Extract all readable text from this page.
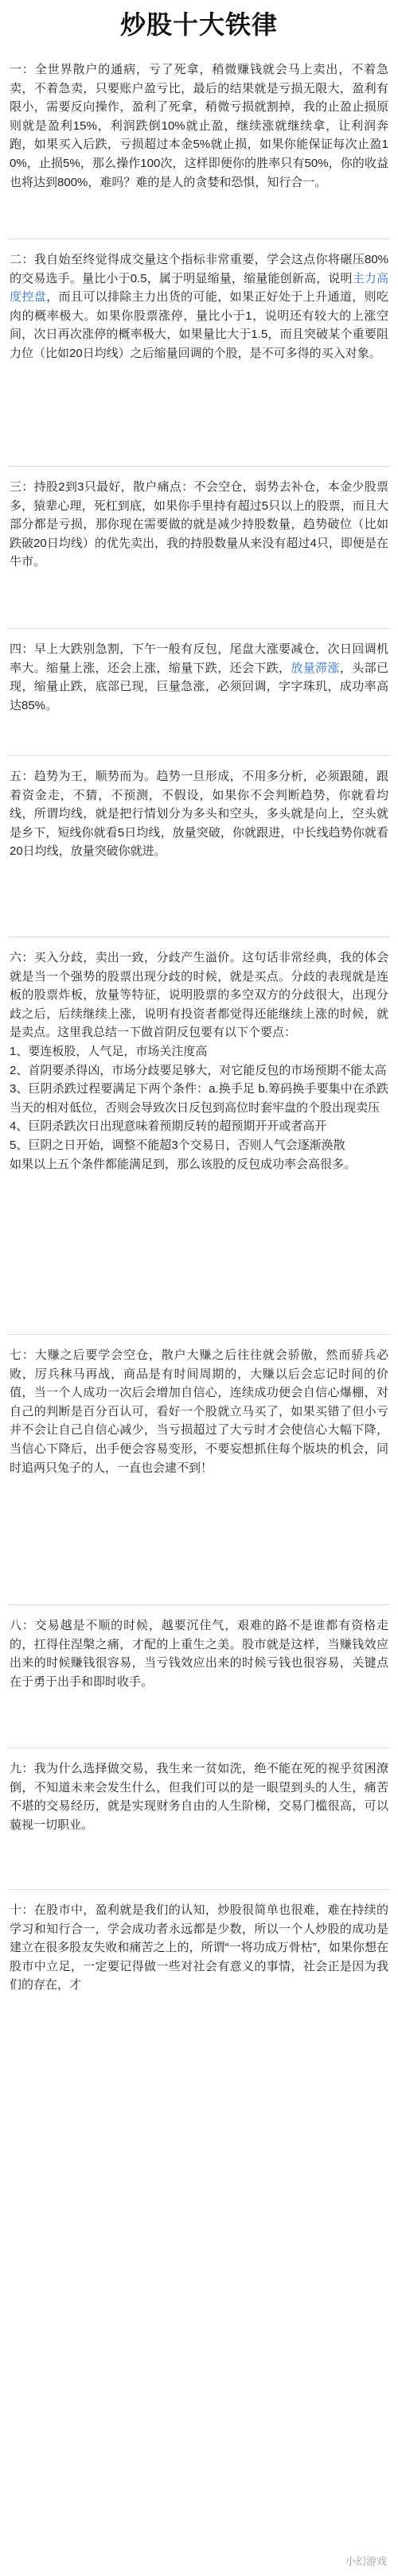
炒股十大铁律

一：全世界散户的通病，亏了死拿，稍微赚钱就会马上卖出，不着急卖，不着急卖，只要账户盈亏比，最后的结果就是亏损无限大，盈利有限小，需要反向操作，盈利了死拿，稍微亏损就割掉，我的止盈止损原则就是盈利15%，利润跌倒10%就止盈，继续涨就继续拿，让利润奔跑，如果买入后跌，亏损超过本金5%就止损，如果你能保证每次止盈10%，止损5%，那么操作100次，这样即便你的胜率只有50%，你的收益也将达到800%，难吗？难的是人的贪婪和恐惧，知行合一。

二：我自始至终觉得成交量这个指标非常重要，学会这点你将碾压80%的交易选手。量比小于0.5，属于明显缩量，缩量能创新高，说明主力高度控盘，而且可以排除主力出货的可能，如果正好处于上升通道，则吃肉的概率极大。如果你股票涨停，量比小于1，说明还有较大的上涨空间，次日再次涨停的概率极大，如果量比大于1.5，而且突破某个重要阻力位（比如20日均线）之后缩量回调的个股，是不可多得的买入对象。

三：持股2到3只最好，散户痛点：不会空仓，弱势去补仓，本金少股票多，猿辈心理，死杠到底，如果你手里持有超过5只以上的股票，而且大部分都是亏损，那你现在需要做的就是减少持股数量，趋势破位（比如跌破20日均线）的优先卖出，我的持股数量从来没有超过4只，即便是在牛市。

四：早上大跌别急割，下午一般有反包，尾盘大涨要减仓，次日回调机率大。缩量上涨，还会上涨，缩量下跌，还会下跌，放量滞涨，头部已现，缩量止跌，底部已现，巨量急涨，必须回调，字字珠玑，成功率高达85%。

五：趋势为王，顺势而为。趋势一旦形成，不用多分析，必须跟随，跟着资金走，不猜，不预测，不假设，如果你不会判断趋势，你就看均线，所谓均线，就是把行情划分为多头和空头，多头就是向上，空头就是乡下，短线你就看5日均线，放量突破，你就跟进，中长线趋势你就看20日均线，放量突破你就进。

六：买入分歧，卖出一致，分歧产生溢价。这句话非常经典，我的体会就是当一个强势的股票出现分歧的时候，就是买点。分歧的表现就是连板的股票炸板，放量等特征，说明股票的多空双方的分歧很大，出现分歧之后，后续继续上涨，说明有投资者都觉得还能继续上涨的时候，就是卖点。这里我总结一下做首阴反包要有以下个要点：

1、要连板股，人气足，市场关注度高

2、首阴要杀得凶，市场分歧要足够大，对它能反包的市场预期不能太高

3、巨阴杀跌过程要满足下两个条件：a.换手足 b.筹码换手要集中在杀跌当天的相对低位，否则会导致次日反包到高位时套牢盘的个股出现卖压

4、巨阴杀跌次日出现意味着预期反转的超预期开开或者高开

5、巨阴之日开始，调整不能超3个交易日，否则人气会逐渐涣散

如果以上五个条件都能满足到，那么该股的反包成功率会高很多。

七：大赚之后要学会空仓，散户大赚之后往往就会骄傲，然而骄兵必败，厉兵秣马再战，商品是有时间周期的，大赚以后会忘记时间的价值，当一个人成功一次后会增加自信心，连续成功便会自信心爆棚，对自己的判断是百分百认可，看好一个股就立马买了，如果买错了但小亏并不会让自己自信心减少，当亏损超过了大亏时才会使信心大幅下降，当信心下降后，出手便会容易变形，不要妄想抓住每个版块的机会，同时追两只兔子的人，一直也会逮不到！

八：交易越是不顺的时候，越要沉住气，艰难的路不是谁都有资格走的，扛得住涅槃之痛，才配的上重生之美。股市就是这样，当赚钱效应出来的时候赚钱很容易，当亏钱效应出来的时候亏钱也很容易，关键点在于勇于出手和即时收手。

九：我为什么选择做交易，我生来一贫如洗，绝不能在死的视乎贫困潦倒，不知道未来会发生什么，但我们可以的是一眼望到头的人生，痛苦不堪的交易经历，就是实现财务自由的人生阶梯，交易门槛很高，可以藐视一切职业。

十：在股市中，盈利就是我们的认知，炒股很简单也很难，难在持续的学习和知行合一，学会成功者永远都是少数，所以一个人炒股的成功是建立在很多股友失败和痛苦之上的，所谓“一将功成万骨枯”，如果你想在股市中立足，一定要记得做一些对社会有意义的事情，社会正是因为我们的存在，才

小幻游戏
